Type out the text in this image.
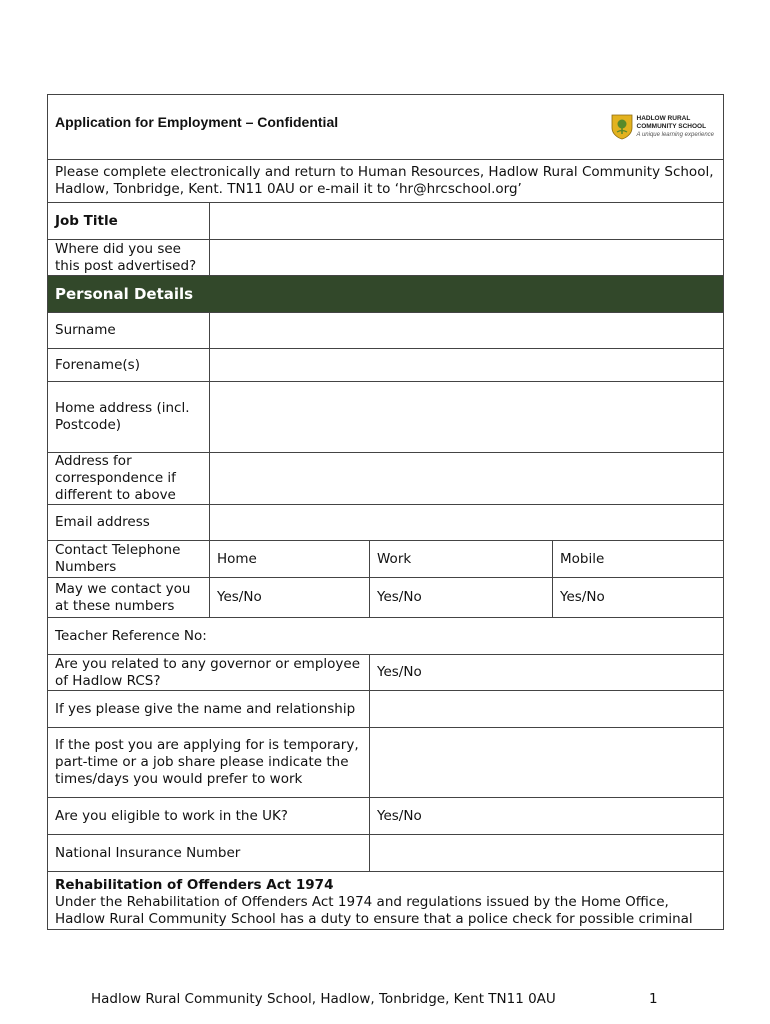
Application for Employment – Confidential HADLOW RURAL
COMMUNITY SCHOOL
A unique learning experience			

Please complete electronically and return to Human Resources, Hadlow Rural Community School, Hadlow, Tonbridge, Kent. TN11 0AU or e-mail it to ‘hr@hrcschool.org’			
Job Title			
Where did you see this post advertised?			
Personal Details			
Surname			
Forename(s)			
Home address (incl. Postcode)			
Address for correspondence if different to above			
Email address			
Contact Telephone Numbers	Home	Work	Mobile
May we contact you at these numbers	Yes/No	Yes/No	Yes/No
Teacher Reference No:			
Are you related to any governor or employee of Hadlow RCS?		Yes/No	
If yes please give the name and relationship			
If the post you are applying for is temporary, part-time or a job share please indicate the times/days you would prefer to work			
Are you eligible to work in the UK?		Yes/No	
National Insurance Number			

Rehabilitation of Offenders Act 1974
Under the Rehabilitation of Offenders Act 1974 and regulations issued by the Home Office, Hadlow Rural Community School has a duty to ensure that a police check for possible criminal			
Hadlow Rural Community School, Hadlow, Tonbridge, Kent TN11 0AU	1
